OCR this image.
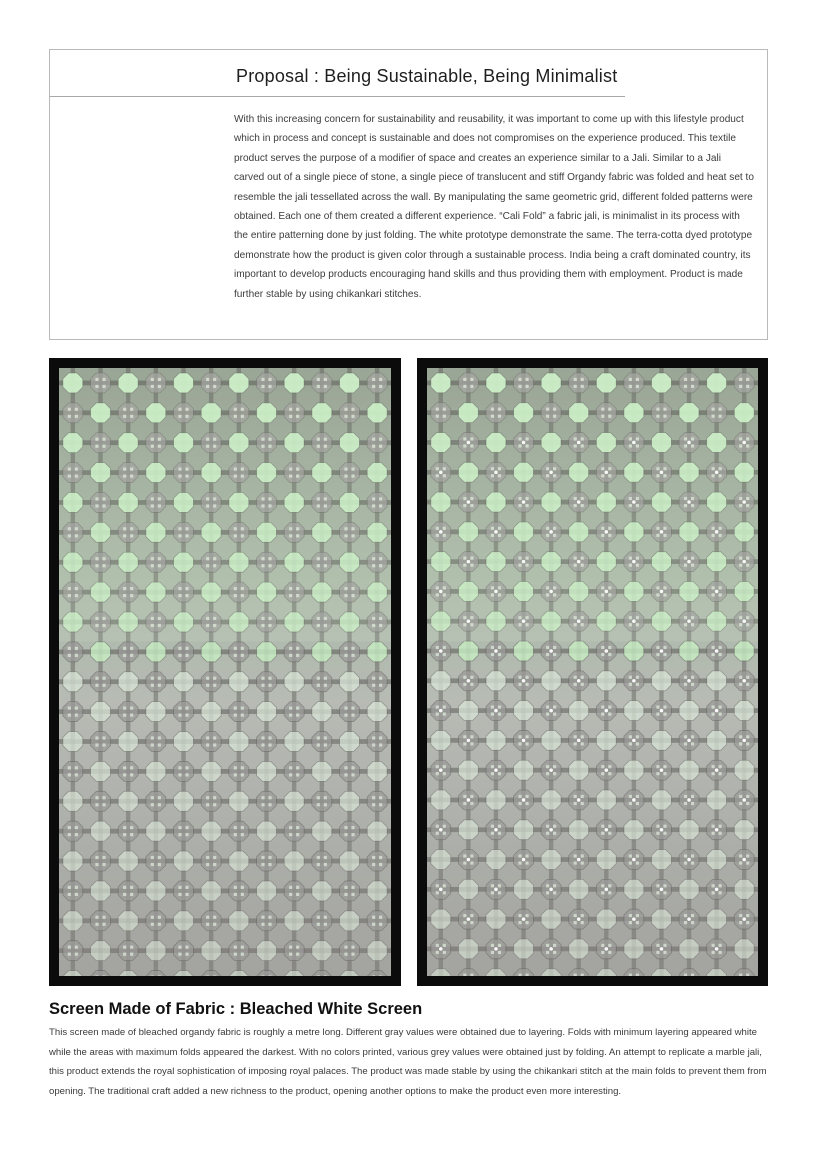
Proposal : Being Sustainable, Being Minimalist

With this increasing concern for sustainability and reusability, it was important to come up with this lifestyle product which in process and concept is sustainable and does not compromises on the experience produced. This textile product serves the purpose of a modifier of space and creates an experience similar to a Jali. Similar to a Jali carved out of a single piece of stone, a single piece of translucent and stiff Organdy fabric was folded and heat set to resemble the jali tessellated across the wall. By manipulating the same geometric grid, different folded patterns were obtained. Each one of them created a different experience. “Cali Fold” a fabric jali, is minimalist in its process with the entire patterning done by just folding. The white prototype demonstrate the same. The terra-cotta dyed prototype demonstrate how the product is given color through a sustainable process. India being a craft dominated country, its important to develop products encouraging hand skills and thus providing them with employment. Product is made further stable by using chikankari stitches.

Screen Made of Fabric : Bleached White Screen

This screen made of bleached organdy fabric is roughly a metre long. Different gray values were obtained due to layering. Folds with minimum layering appeared white while the areas with maximum folds appeared the darkest. With no colors printed, various grey values were obtained just by folding. An attempt to replicate a marble jali, this product extends the royal sophistication of imposing royal palaces. The product was made stable by using the chikankari stitch at the main folds to prevent them from opening. The traditional craft added a new richness to the product, opening another options to make the product even more interesting.
